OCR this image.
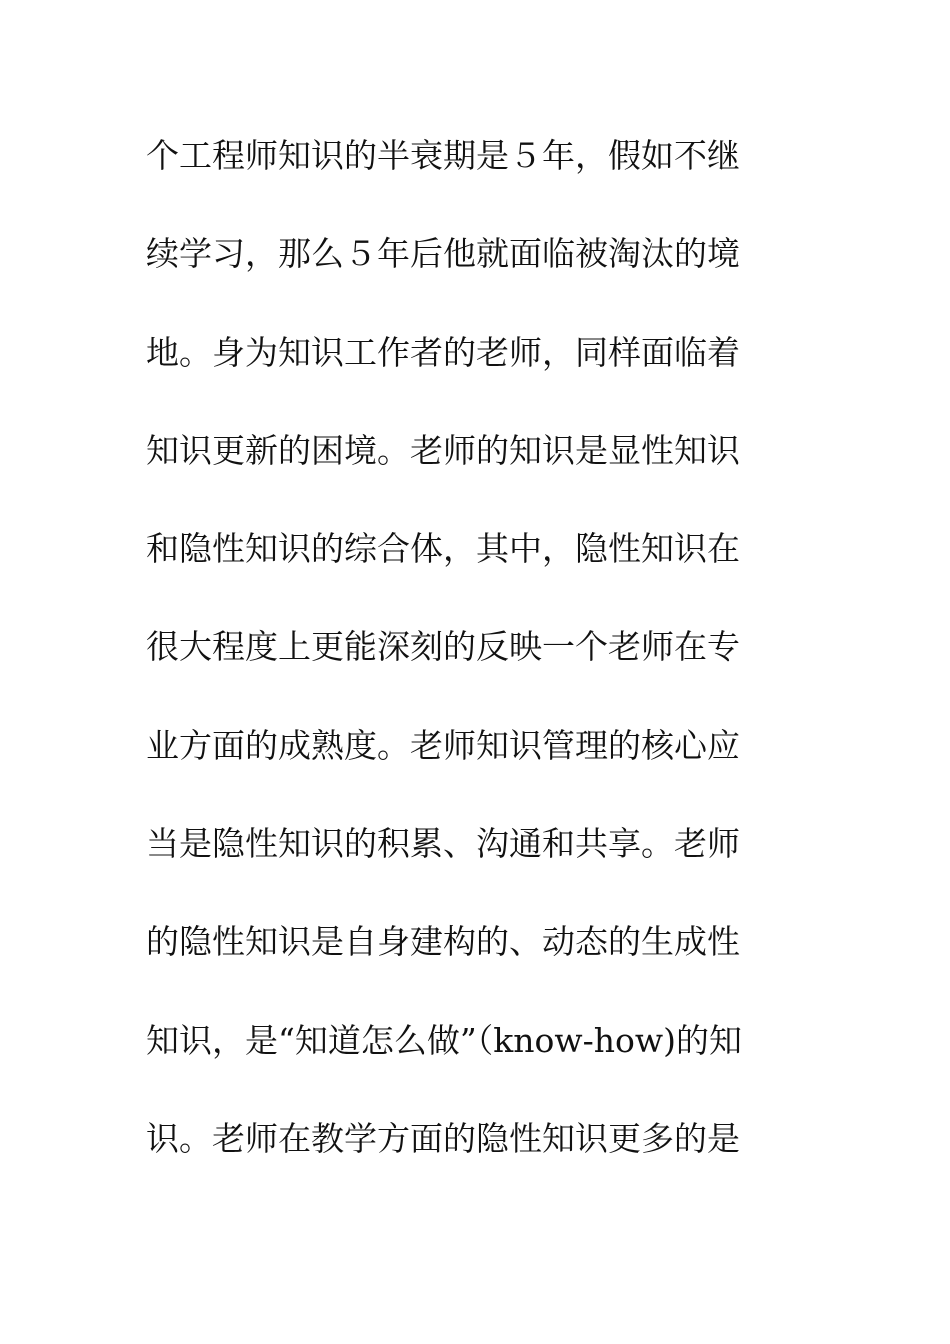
个工程师知识的半衰期是５年，假如不继
续学习，那么５年后他就面临被淘汰的境
地。身为知识工作者的老师，同样面临着
知识更新的困境。老师的知识是显性知识
和隐性知识的综合体，其中，隐性知识在
很大程度上更能深刻的反映一个老师在专
业方面的成熟度。老师知识管理的核心应
当是隐性知识的积累、沟通和共享。老师
的隐性知识是自身建构的、动态的生成性
知识，是“知道怎么做”（know-how)的知
识。老师在教学方面的隐性知识更多的是
